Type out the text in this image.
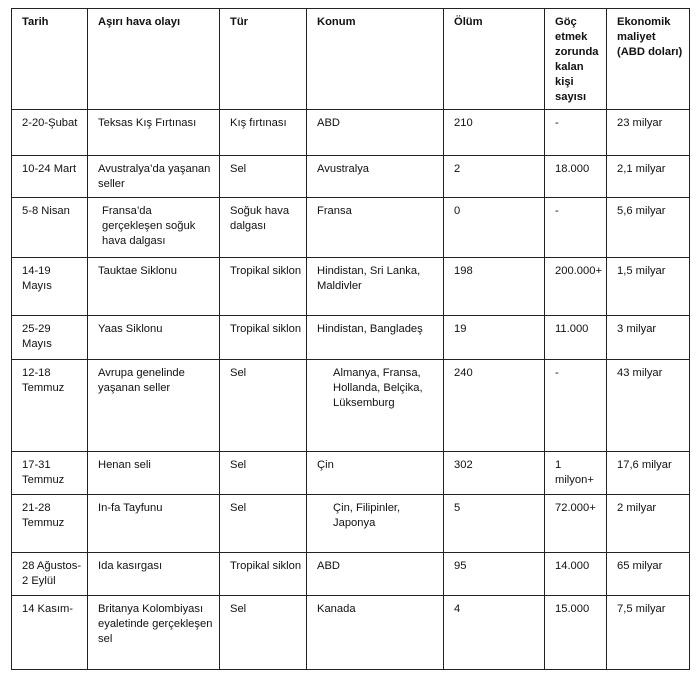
Tarih	Aşırı hava olayı	Tür	Konum	Ölüm	Göç etmek zorunda kalan kişi sayısı	Ekonomik maliyet (ABD doları)
2-20-Şubat	Teksas Kış Fırtınası	Kış fırtınası	ABD	210	-	23 milyar
10-24 Mart	Avustralya’da yaşanan seller	Sel	Avustralya	2	18.000	2,1 milyar
5-8 Nisan	Fransa’da gerçekleşen soğuk hava dalgası	Soğuk hava dalgası	Fransa	0	-	5,6 milyar
14-19 Mayıs	Tauktae Siklonu	Tropikal siklon	Hindistan, Sri Lanka, Maldivler	198	200.000+	1,5 milyar
25-29 Mayıs	Yaas Siklonu	Tropikal siklon	Hindistan, Bangladeş	19	11.000	3 milyar
12-18 Temmuz	Avrupa genelinde yaşanan seller	Sel	Almanya, Fransa, Hollanda, Belçika, Lüksemburg	240	-	43 milyar
17-31 Temmuz	Henan seli	Sel	Çin	302	1 milyon+	17,6 milyar
21-28 Temmuz	In-fa Tayfunu	Sel	Çin, Filipinler, Japonya	5	72.000+	2 milyar
28 Ağustos-2 Eylül	Ida kasırgası	Tropikal siklon	ABD	95	14.000	65 milyar
14 Kasım-	Britanya Kolombiyası eyaletinde gerçekleşen sel	Sel	Kanada	4	15.000	7,5 milyar
